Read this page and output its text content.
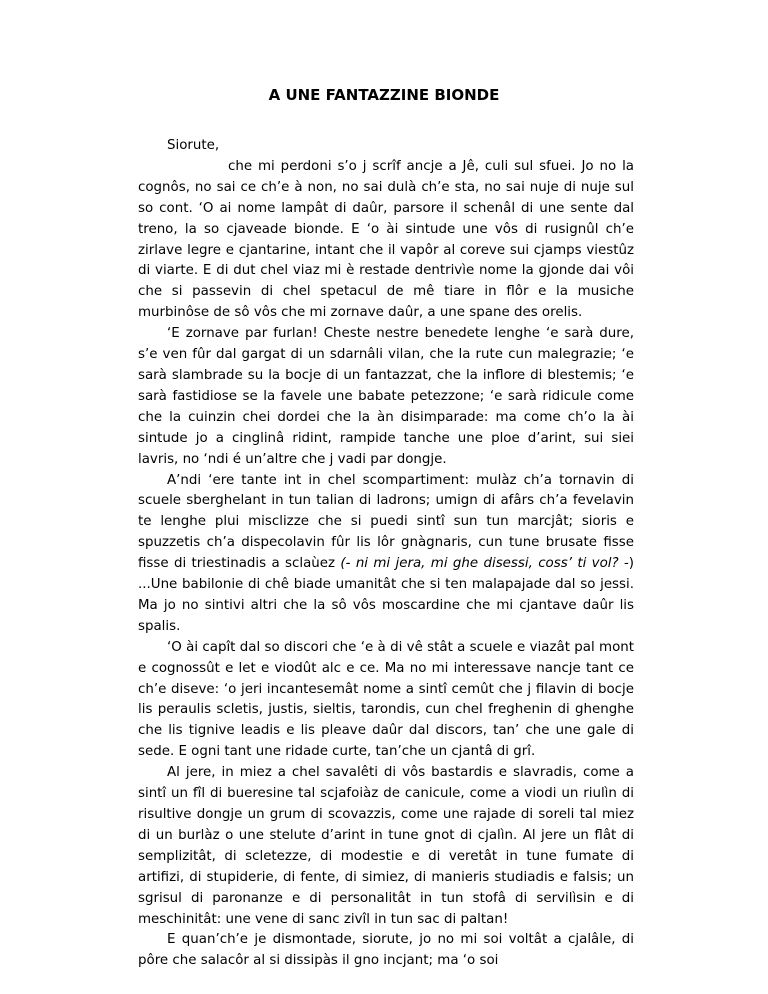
A UNE FANTAZZINE BIONDE
Siorute,
che mi perdoni s’o j scrîf ancje a Jê, culi sul sfuei. Jo no la cognôs, no sai ce ch’e à non, no sai dulà ch’e sta, no sai nuje di nuje sul so cont. ‘O ai nome lampât di daûr, parsore il schenâl di une sente dal treno, la so cjaveade bionde. E ‘o ài sintude une vôs di rusignûl ch’e zirlave legre e cjantarine, intant che il vapôr al coreve sui cjamps viestûz di viarte. E di dut chel viaz mi è restade dentrivìe nome la gjonde dai vôi che si passevin di chel spetacul de mê tiare in flôr e la musiche murbinôse de sô vôs che mi zornave daûr, a une spane des orelis.

‘E zornave par furlan! Cheste nestre benedete lenghe ‘e sarà dure, s’e ven fûr dal gargat di un sdarnâli vilan, che la rute cun malegrazie; ‘e sarà slambrade su la bocje di un fantazzat, che la inflore di blestemis; ‘e sarà fastidiose se la favele une babate petezzone; ‘e sarà ridicule come che la cuinzin chei dordei che la àn disimparade: ma come ch’o la ài sintude jo a cinglinâ ridint, rampide tanche une ploe d’arint, sui siei lavris, no ‘ndi é un’altre che j vadi par dongje.

A’ndi ‘ere tante int in chel scompartiment: mulàz ch’a tornavin di scuele sberghelant in tun talian di ladrons; umign di afârs ch’a fevelavin te lenghe plui misclizze che si puedi sintî sun tun marcjât; sioris e spuzzetis ch’a dispecolavin fûr lis lôr gnàgnaris, cun tune brusate fisse fisse di triestinadis a sclaùez (- ni mi jera, mi ghe disessi, coss’ ti vol? -) ...Une babilonie di chê biade umanitât che si ten malapajade dal so jessi. Ma jo no sintivi altri che la sô vôs moscardine che mi cjantave daûr lis spalis.

‘O ài capît dal so discori che ‘e à di vê stât a scuele e viazât pal mont e cognossût e let e viodût alc e ce. Ma no mi interessave nancje tant ce ch’e diseve: ‘o jeri incantesemât nome a sintî cemût che j filavin di bocje lis peraulis scletis, justis, sieltis, tarondis, cun chel freghenin di ghenghe che lis tignive leadis e lis pleave daûr dal discors, tan’ che une gale di sede. E ogni tant une ridade curte, tan’che un cjantâ di grî.

Al jere, in miez a chel savalêti di vôs bastardis e slavradis, come a sintî un fîl di bueresine tal scjafoiàz de canicule, come a viodi un riulìn di risultive dongje un grum di scovazzis, come une rajade di soreli tal miez di un burlàz o une stelute d’arint in tune gnot di cjalìn. Al jere un flât di semplizitât, di scletezze, di modestie e di veretât in tune fumate di artifizi, di stupiderie, di fente, di simiez, di manieris studiadis e falsis; un sgrisul di paronanze e di personalitât in tun stofâ di servilìsin e di meschinitât: une vene di sanc zivîl in tun sac di paltan!

E quan’ch’e je dismontade, siorute, jo no mi soi voltât a cjalâle, di pôre che salacôr al si dissipàs il gno incjant; ma ‘o soi
